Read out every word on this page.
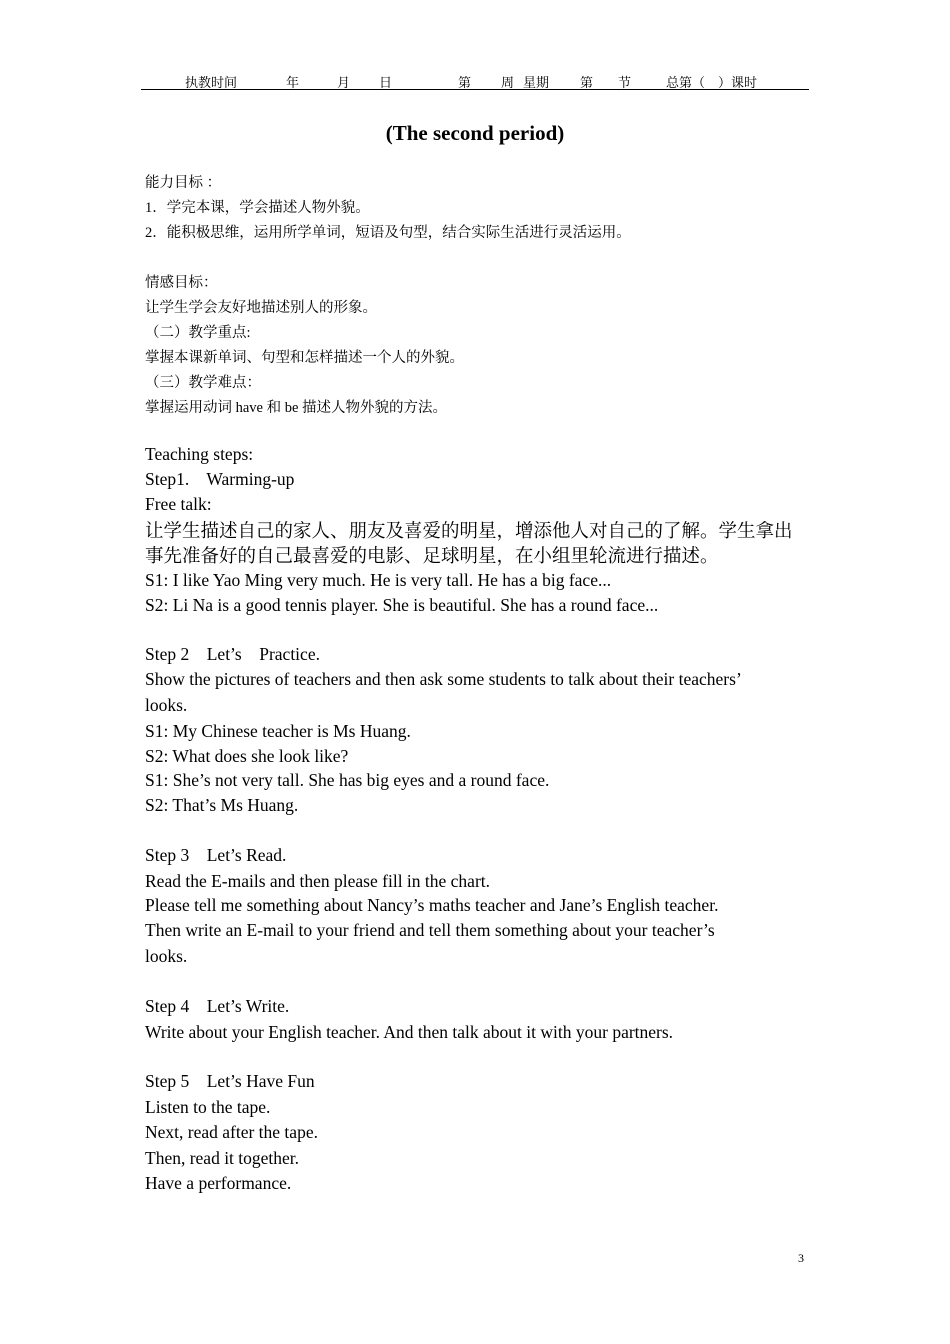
执教时间	年	月 日	第 周 星期 第 节	总第（    ）课时
(The second period)
能力目标 ：
1．学完本课，学会描述人物外貌。
2．能积极思维，运用所学单词，短语及句型，结合实际生活进行灵活运用。
情感目标：
让学生学会友好地描述别人的形象。
（二）教学重点:
掌握本课新单词、句型和怎样描述一个人的外貌。
（三）教学难点：
掌握运用动词 have 和 be 描述人物外貌的方法。
Teaching steps:
Step1.    Warming-up
Free talk:
让学生描述自己的家人、朋友及喜爱的明星，增添他人对自己的了解。学生拿出
事先准备好的自己最喜爱的电影、足球明星，在小组里轮流进行描述。
S1: I like Yao Ming very much. He is very tall. He has a big face...
S2: Li Na is a good tennis player. She is beautiful. She has a round face...
Step 2    Let’s    Practice.
Show the pictures of teachers and then ask some students to talk about their teachers’
looks.
S1: My Chinese teacher is Ms Huang.
S2: What does she look like?
S1: She’s not very tall. She has big eyes and a round face.
S2: That’s Ms Huang.
Step 3    Let’s Read.
Read the E-mails and then please fill in the chart.
Please tell me something about Nancy’s maths teacher and Jane’s English teacher.
Then write an E-mail to your friend and tell them something about your teacher’s
looks.
Step 4    Let’s Write.
Write about your English teacher. And then talk about it with your partners.
Step 5    Let’s Have Fun
Listen to the tape.
Next, read after the tape.
Then, read it together.
Have a performance.
3
